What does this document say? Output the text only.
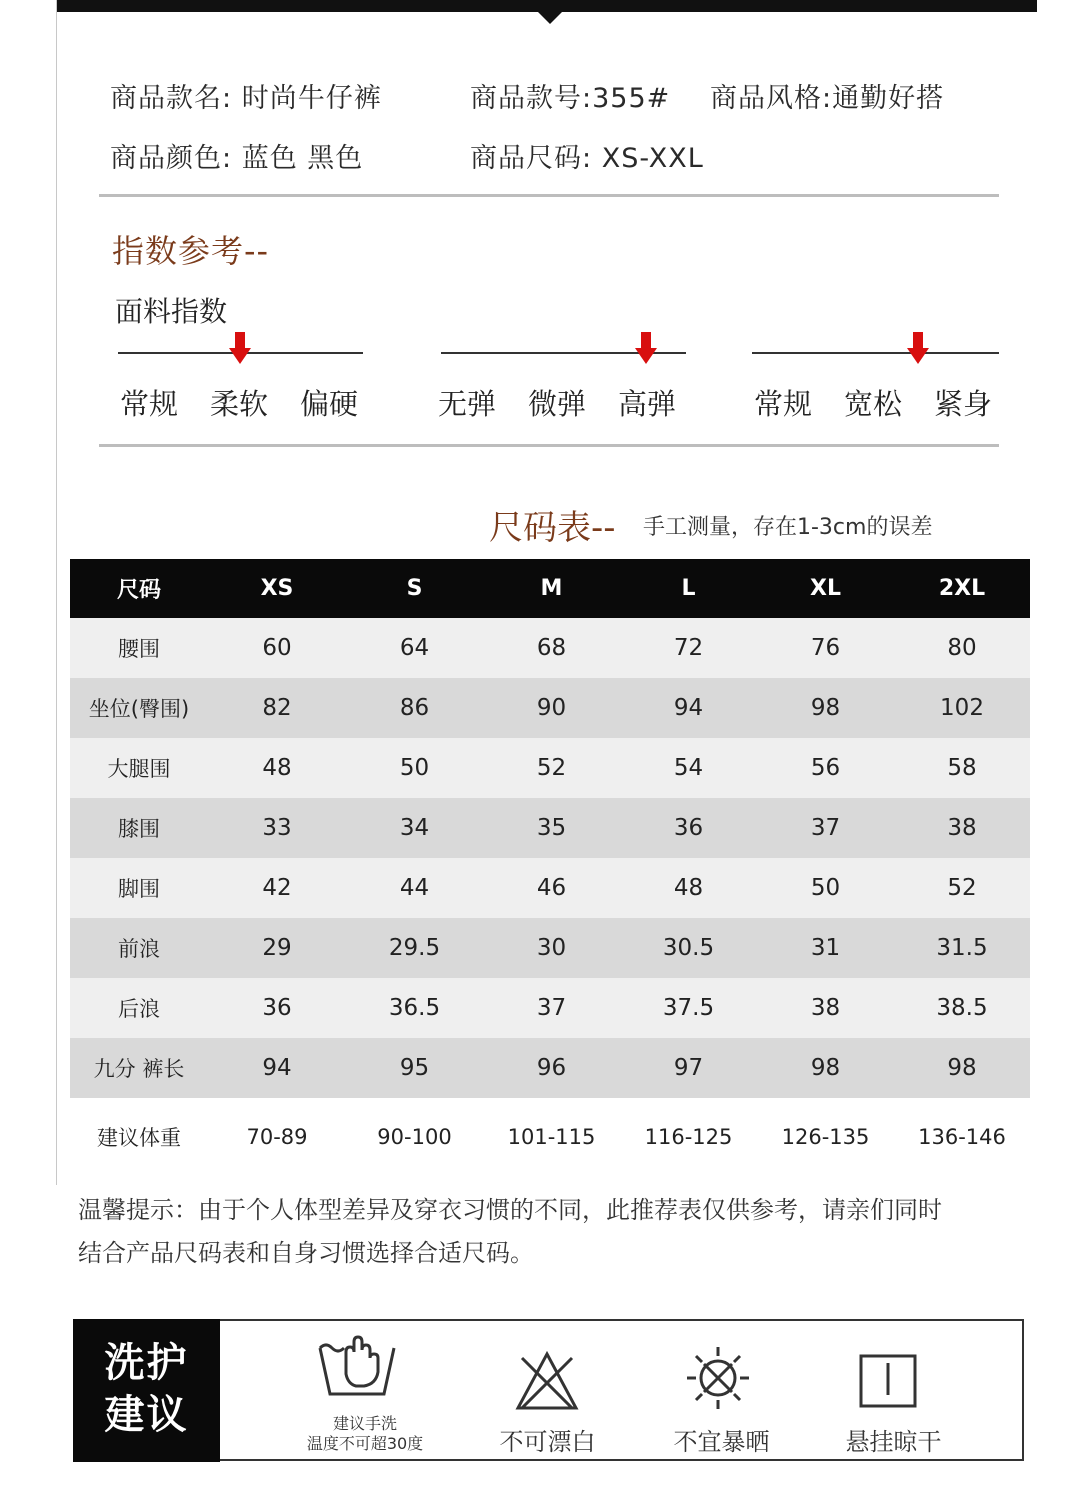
商品款名: 时尚牛仔裤	商品款号:355# 商品风格:通勤好搭
商品颜色: 蓝色 黑色	商品尺码: XS-XXL
指数参考--
面料指数
常规 柔软 偏硬	无弹 微弹 高弹	常规 宽松 紧身
尺码表-- 手工测量，存在1-3cm的误差
尺码	XS	S	M	L	XL	2XL
腰围	60	64	68	72	76	80
坐位(臀围)	82	86	90	94	98	102
大腿围	48	50	52	54	56	58
膝围	33	34	35	36	37	38
脚围	42	44	46	48	50	52
前浪	29	29.5	30	30.5	31	31.5
后浪	36	36.5	37	37.5	38	38.5
九分 裤长	94	95	96	97	98	98
建议体重	70-89	90-100	101-115	116-125	126-135	136-146
温馨提示：由于个人体型差异及穿衣习惯的不同，此推荐表仅供参考，请亲们同时
结合产品尺码表和自身习惯选择合适尺码。
洗护
建议	建议手洗
温度不可超30度	不可漂白	不宜暴晒	悬挂晾干
